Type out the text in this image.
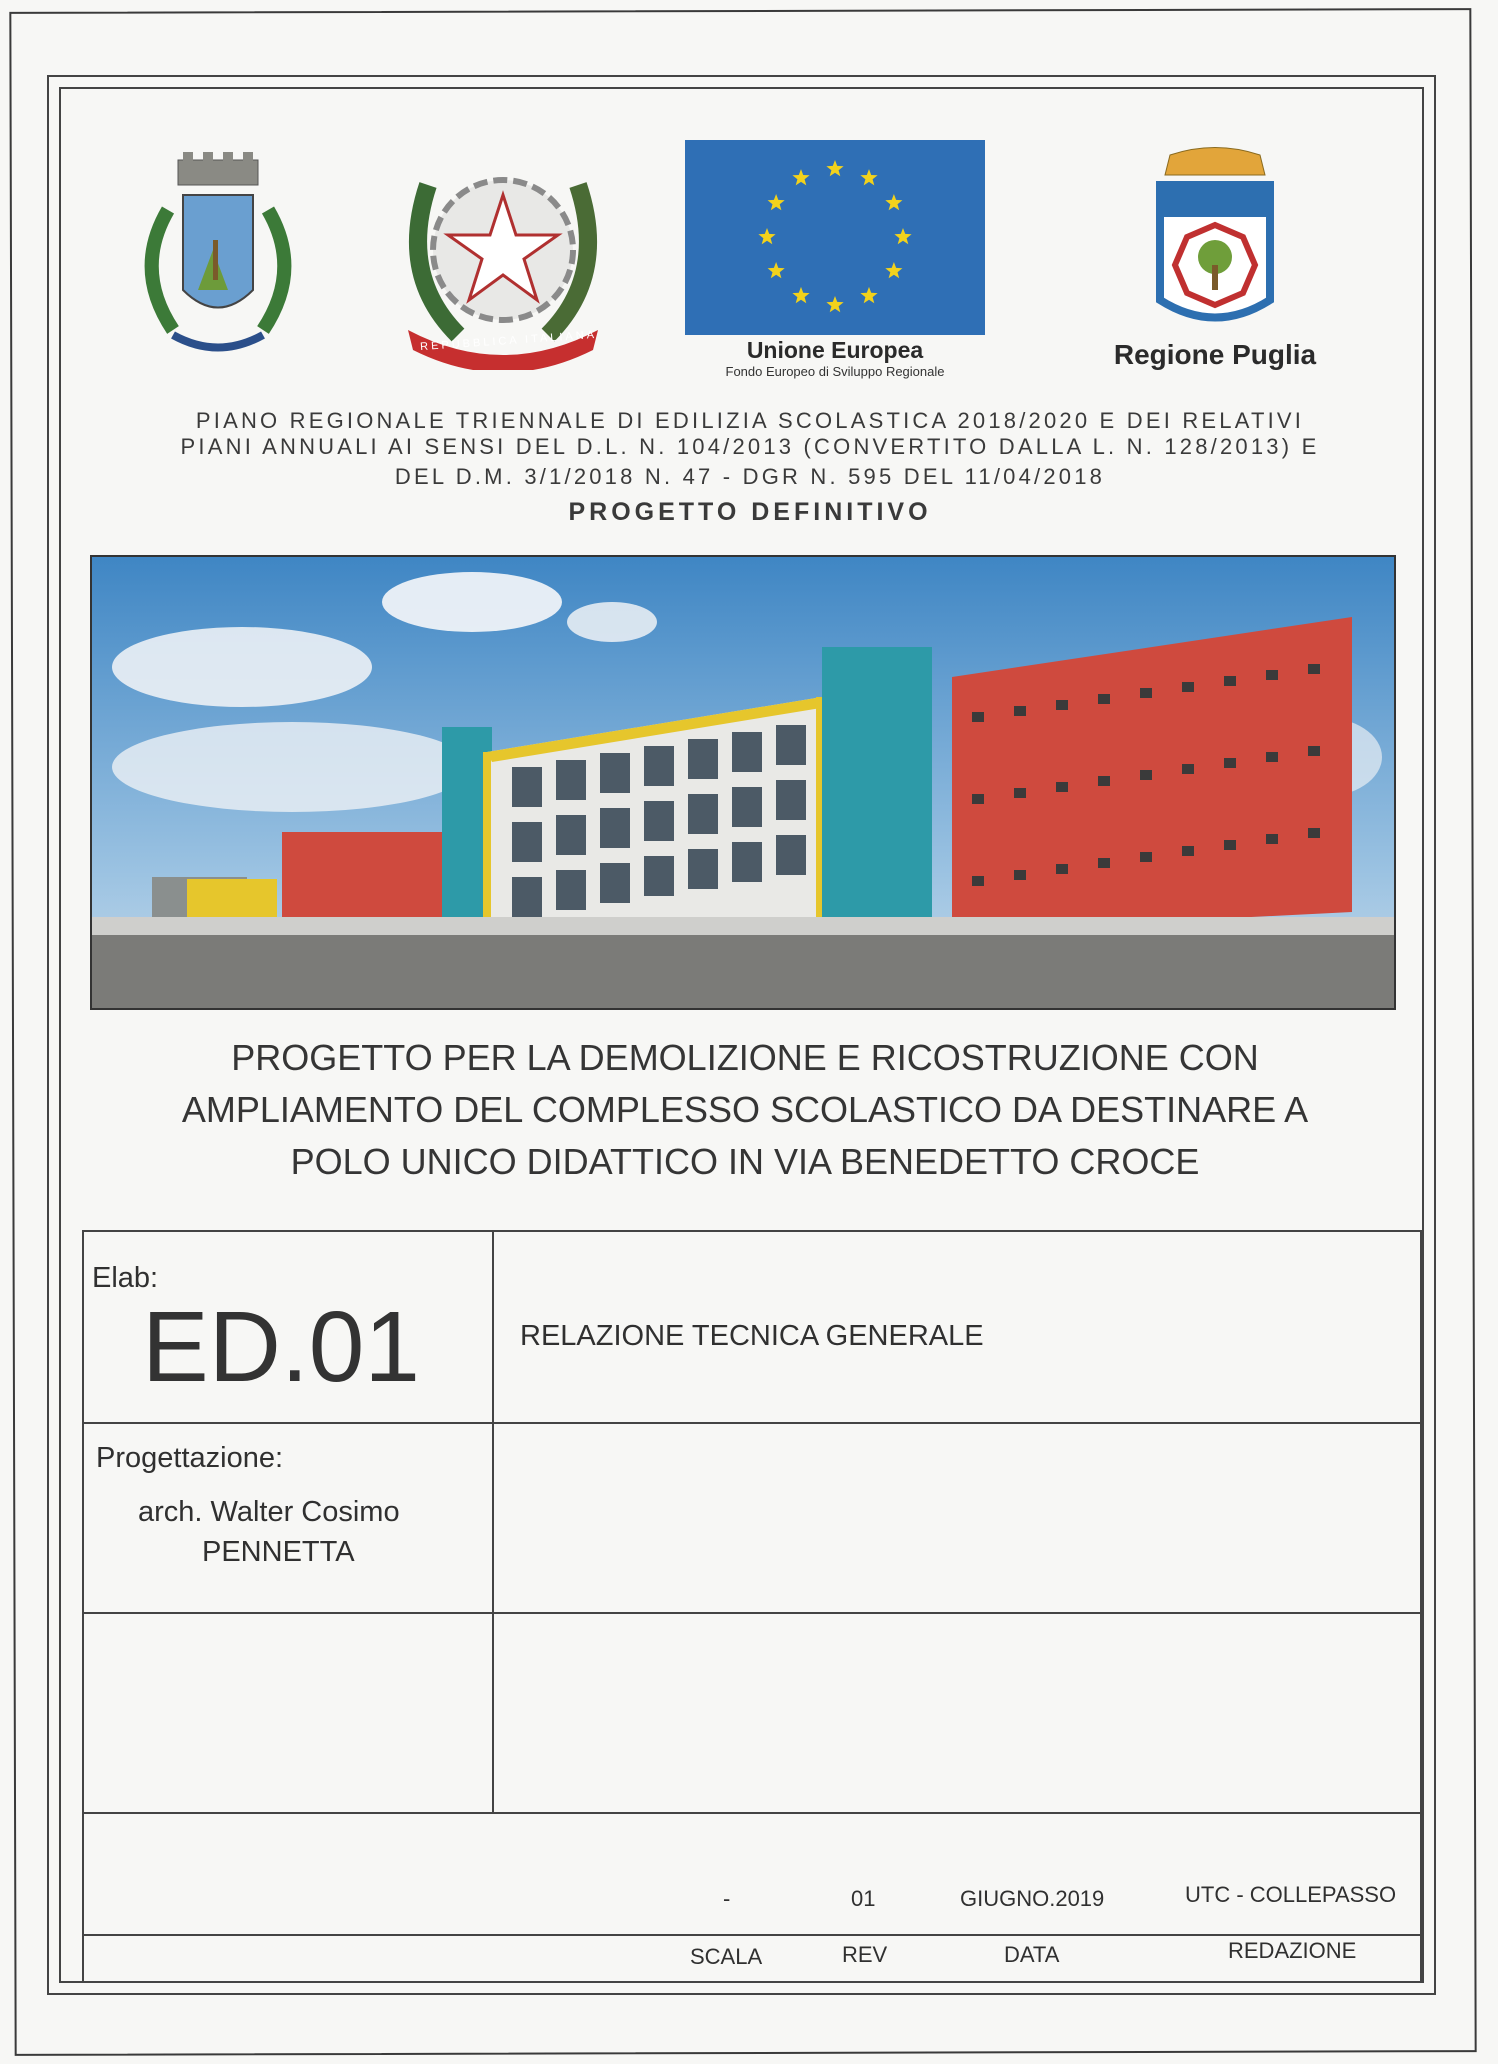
REPUBBLICA ITALIANA	Unione Europea
Fondo Europeo di Sviluppo Regionale
Regione Puglia
PIANO REGIONALE TRIENNALE DI EDILIZIA SCOLASTICA 2018/2020 E DEI RELATIVI
PIANI ANNUALI AI SENSI DEL D.L. N. 104/2013 (CONVERTITO DALLA L. N. 128/2013) E
DEL D.M. 3/1/2018 N. 47 - DGR N. 595 DEL 11/04/2018
PROGETTO DEFINITIVO
PROGETTO PER LA DEMOLIZIONE E RICOSTRUZIONE CON
AMPLIAMENTO DEL COMPLESSO SCOLASTICO DA DESTINARE A
POLO UNICO DIDATTICO IN VIA BENEDETTO CROCE
Elab:
ED.01	RELAZIONE TECNICA GENERALE
Progettazione:
arch. Walter Cosimo
PENNETTA
-	01	GIUGNO.2019	UTC - COLLEPASSO
SCALA	REV	DATA	REDAZIONE
